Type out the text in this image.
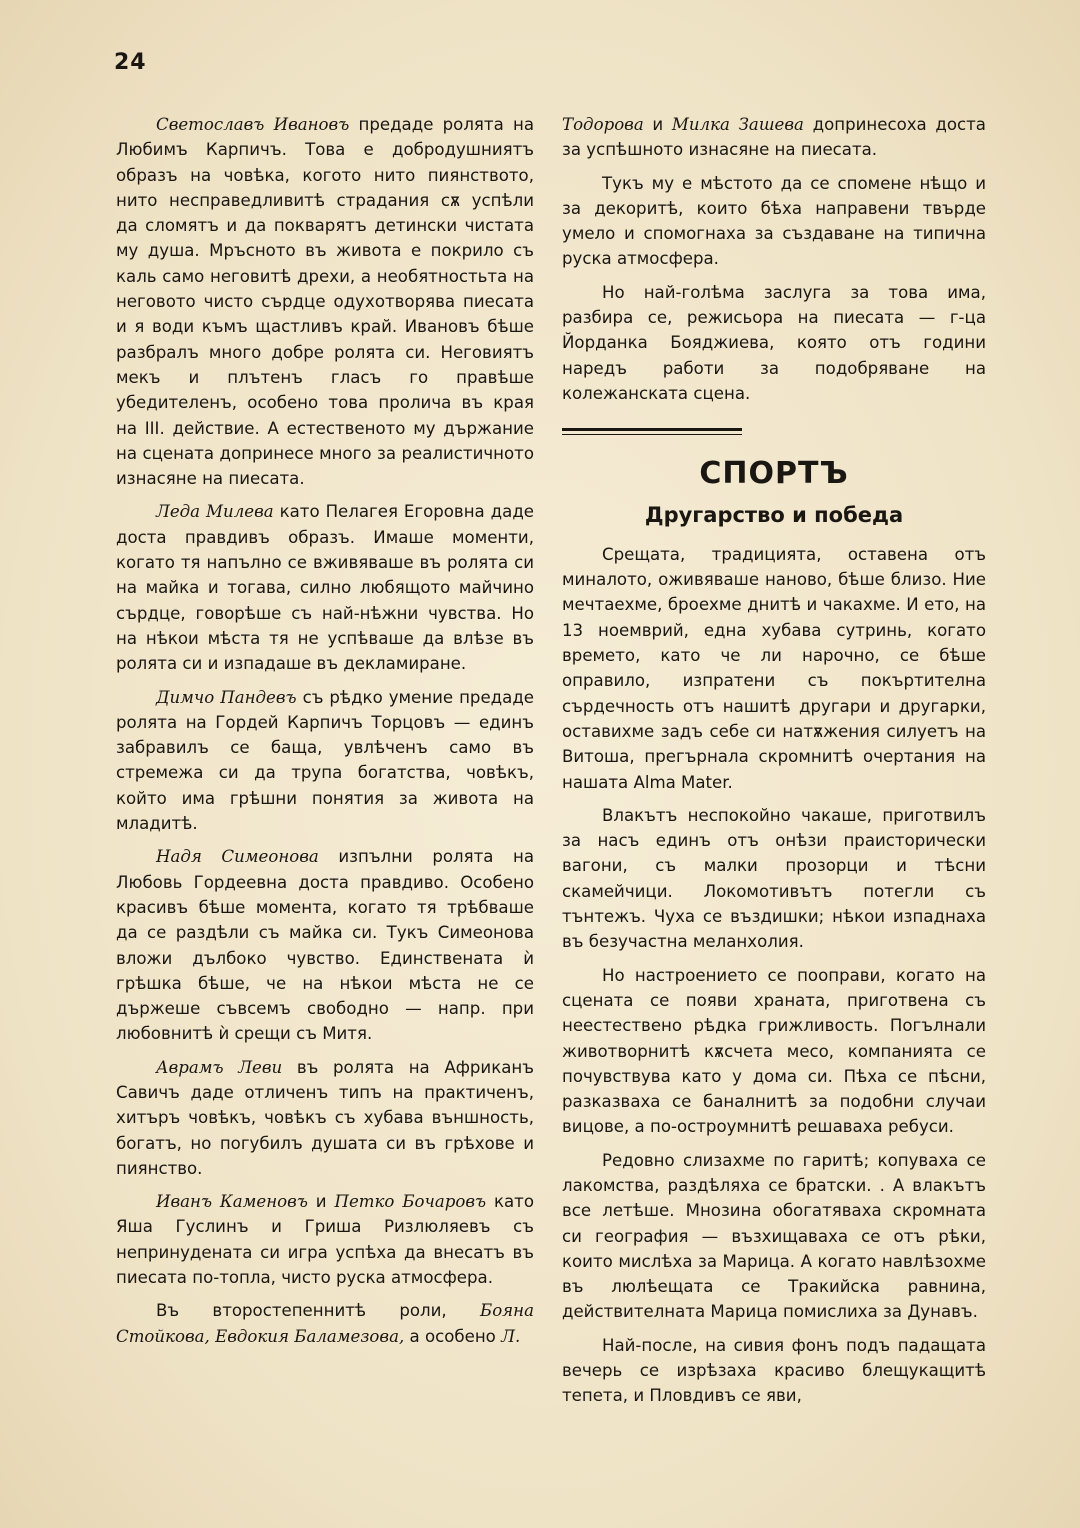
24

Светославъ Ивановъ предаде ролята на Любимъ Карпичъ. Това е добродушниятъ образъ на човѣка, когото нито пиянството, нито несправедливитѣ страдания сѫ успѣли да сломятъ и да покварятъ детински чистата му душа. Мръсното въ живота е покрило съ каль само неговитѣ дрехи, а необятностьта на неговото чисто сърдце одухотворява пиесата и я води къмъ щастливъ край. Ивановъ бѣше разбралъ много добре ролята си. Неговиятъ мекъ и плътенъ гласъ го правѣше убедителенъ, особено това пролича въ края на III. действие. А естественото му държание на сцената допринесе много за реалистичното изнасяне на пиесата.

Леда Милева като Пелагея Егоровна даде доста правдивъ образъ. Имаше моменти, когато тя напълно се вживяваше въ ролята си на майка и тогава, силно любящото майчино сърдце, говорѣше съ най-нѣжни чувства. Но на нѣкои мѣста тя не успѣваше да влѣзе въ ролята си и изпадаше въ декламиране.

Димчо Пандевъ съ рѣдко умение предаде ролята на Гордей Карпичъ Торцовъ — единъ забравилъ се баща, увлѣченъ само въ стремежа си да трупа богатства, човѣкъ, който има грѣшни понятия за живота на младитѣ.

Надя Симеонова изпълни ролята на Любовь Гордеевна доста правдиво. Особено красивъ бѣше момента, когато тя трѣбваше да се раздѣли съ майка си. Тукъ Симеонова вложи дълбоко чувство. Единствената ѝ грѣшка бѣше, че на нѣкои мѣста не се държеше съвсемъ свободно — напр. при любовнитѣ ѝ срещи съ Митя.

Аврамъ Леви въ ролята на Африканъ Савичъ даде отличенъ типъ на практиченъ, хитъръ човѣкъ, човѣкъ съ хубава външность, богатъ, но погубилъ душата си въ грѣхове и пиянство.

Иванъ Каменовъ и Петко Бочаровъ като Яша Гуслинъ и Гриша Ризлюляевъ съ непринудената си игра успѣха да внесатъ въ пиесата по-топла, чисто руска атмосфера.

Въ второстепеннитѣ роли, Бояна Стойкова, Евдокия Баламезова, а особено Л.

Тодорова и Милка Зашева допринесоха доста за успѣшното изнасяне на пиесата.

Тукъ му е мѣстото да се спомене нѣщо и за декоритѣ, които бѣха направени твърде умело и спомогнаха за създаване на типична руска атмосфера.

Но най-голѣма заслуга за това има, разбира се, режисьора на пиесата — г-ца Йорданка Бояджиева, която отъ години наредъ работи за подобряване на колежанската сцена.

СПОРТЪ
Другарство и победа

Срещата, традицията, оставена отъ миналото, оживяваше наново, бѣше близо. Ние мечтаехме, броехме днитѣ и чакахме. И ето, на 13 ноемврий, една хубава сутринь, когато времето, като че ли нарочно, се бѣше оправило, изпратени съ покъртителна сърдечность отъ нашитѣ другари и другарки, оставихме задъ себе си натѫжения силуетъ на Витоша, прегърнала скромнитѣ очертания на нашата Alma Mater.

Влакътъ неспокойно чакаше, приготвилъ за насъ единъ отъ онѣзи праисторически вагони, съ малки прозорци и тѣсни скамейчици. Локомотивътъ потегли съ тънтежъ. Чуха се въздишки; нѣкои изпаднаха въ безучастна меланхолия.

Но настроението се пооправи, когато на сцената се появи храната, приготвена съ неестествено рѣдка грижливость. Погълнали животворнитѣ кѫсчета месо, компанията се почувствува като у дома си. Пѣха се пѣсни, разказваха се баналнитѣ за подобни случаи вицове, а по-остроумнитѣ решаваха ребуси.

Редовно слизахме по гаритѣ; копуваха се лакомства, раздѣляха се братски. . А влакътъ все летѣше. Мнозина обогатяваха скромната си география — възхищаваха се отъ рѣки, които мислѣха за Марица. А когато навлѣзохме въ люлѣещата се Тракийска равнина, действителната Марица помислиха за Дунавъ.

Най-после, на сивия фонъ подъ падащата вечерь се изрѣзаха красиво блещукащитѣ тепета, и Пловдивъ се яви,
